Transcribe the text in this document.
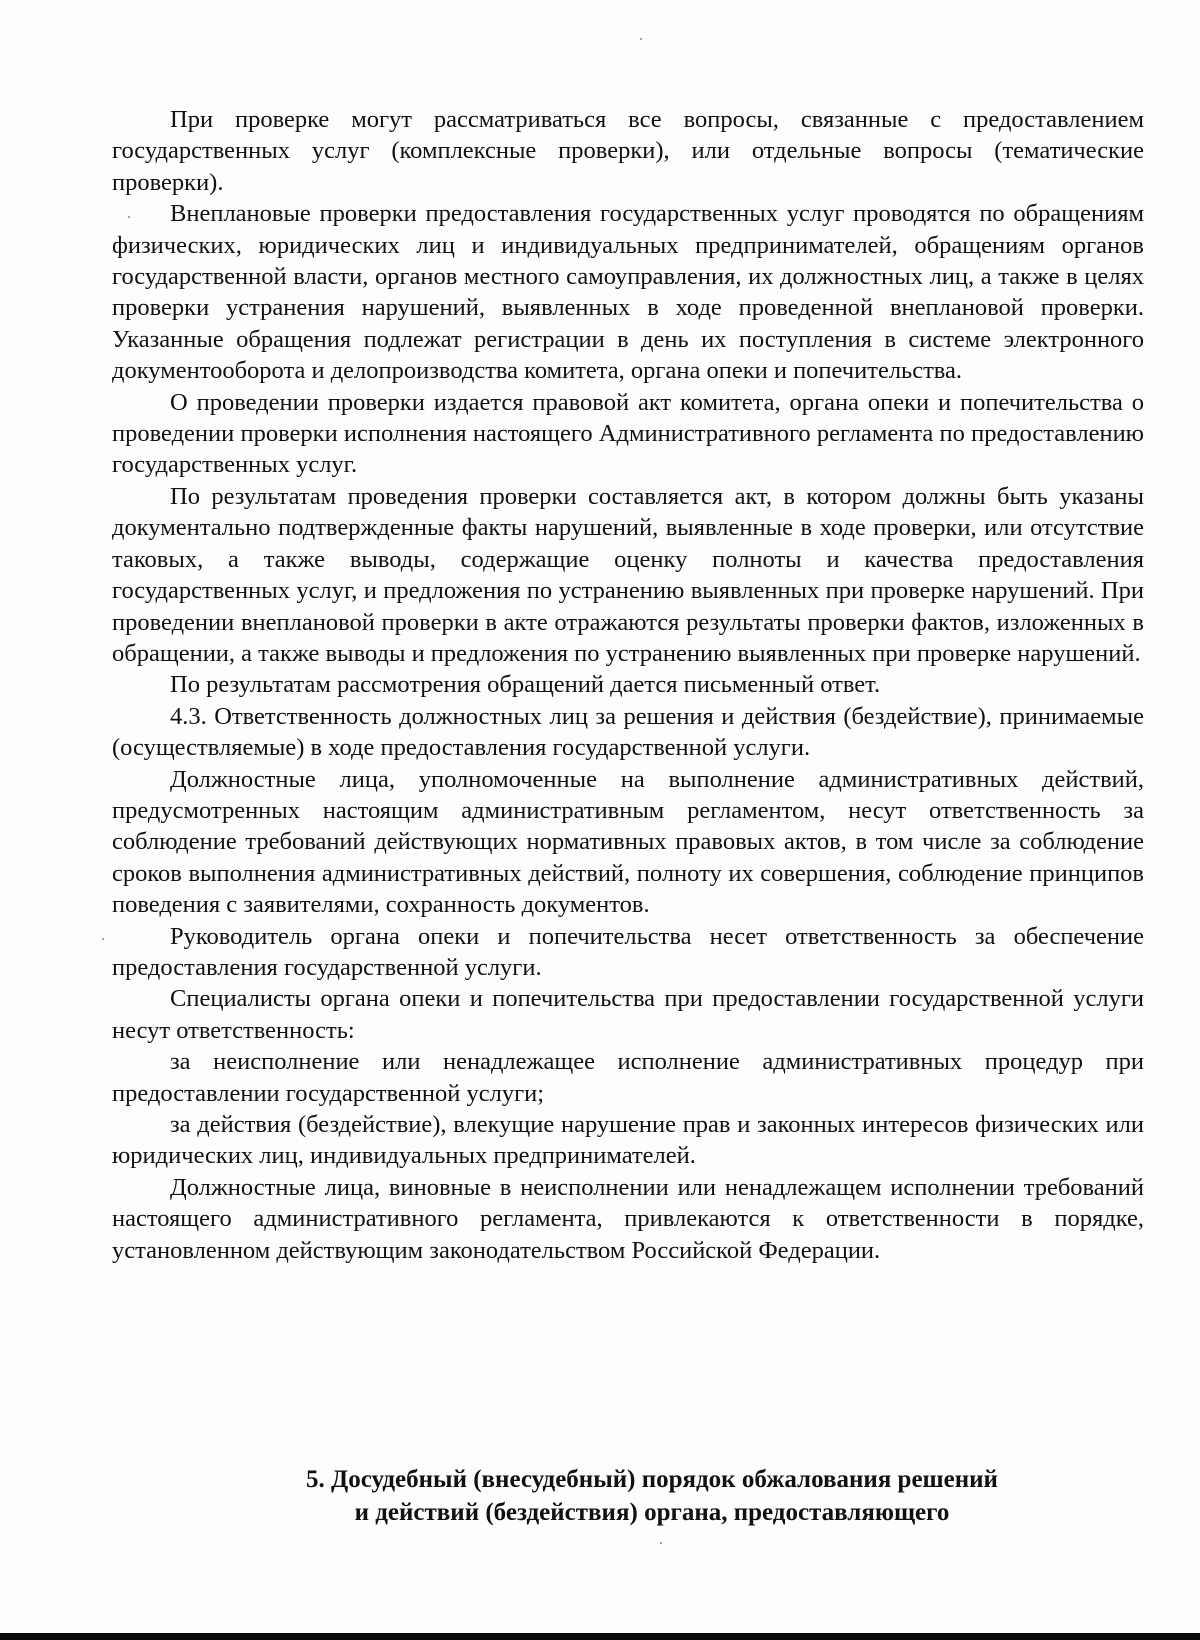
При проверке могут рассматриваться все вопросы, связанные с предоставлением государственных услуг (комплексные проверки), или отдельные вопросы (тематические проверки).

Внеплановые проверки предоставления государственных услуг проводятся по обращениям физических, юридических лиц и индивидуальных предпринимателей, обращениям органов государственной власти, органов местного самоуправления, их должностных лиц, а также в целях проверки устранения нарушений, выявленных в ходе проведенной внеплановой проверки. Указанные обращения подлежат регистрации в день их поступления в системе электронного документооборота и делопроизводства комитета, органа опеки и попечительства.

О проведении проверки издается правовой акт комитета, органа опеки и попечительства о проведении проверки исполнения настоящего Административного регламента по предоставлению государственных услуг.

По результатам проведения проверки составляется акт, в котором должны быть указаны документально подтвержденные факты нарушений, выявленные в ходе проверки, или отсутствие таковых, а также выводы, содержащие оценку полноты и качества предоставления государственных услуг, и предложения по устранению выявленных при проверке нарушений. При проведении внеплановой проверки в акте отражаются результаты проверки фактов, изложенных в обращении, а также выводы и предложения по устранению выявленных при проверке нарушений.

По результатам рассмотрения обращений дается письменный ответ.

4.3. Ответственность должностных лиц за решения и действия (бездействие), принимаемые (осуществляемые) в ходе предоставления государственной услуги.

Должностные лица, уполномоченные на выполнение административных действий, предусмотренных настоящим административным регламентом, несут ответственность за соблюдение требований действующих нормативных правовых актов, в том числе за соблюдение сроков выполнения административных действий, полноту их совершения, соблюдение принципов поведения с заявителями, сохранность документов.

Руководитель органа опеки и попечительства несет ответственность за обеспечение предоставления государственной услуги.

Специалисты органа опеки и попечительства при предоставлении государственной услуги несут ответственность:

за неисполнение или ненадлежащее исполнение административных процедур при предоставлении государственной услуги;

за действия (бездействие), влекущие нарушение прав и законных интересов физических или юридических лиц, индивидуальных предпринимателей.

Должностные лица, виновные в неисполнении или ненадлежащем исполнении требований настоящего административного регламента, привлекаются к ответственности в порядке, установленном действующим законодательством Российской Федерации.

5. Досудебный (внесудебный) порядок обжалования решений
и действий (бездействия) органа, предоставляющего
